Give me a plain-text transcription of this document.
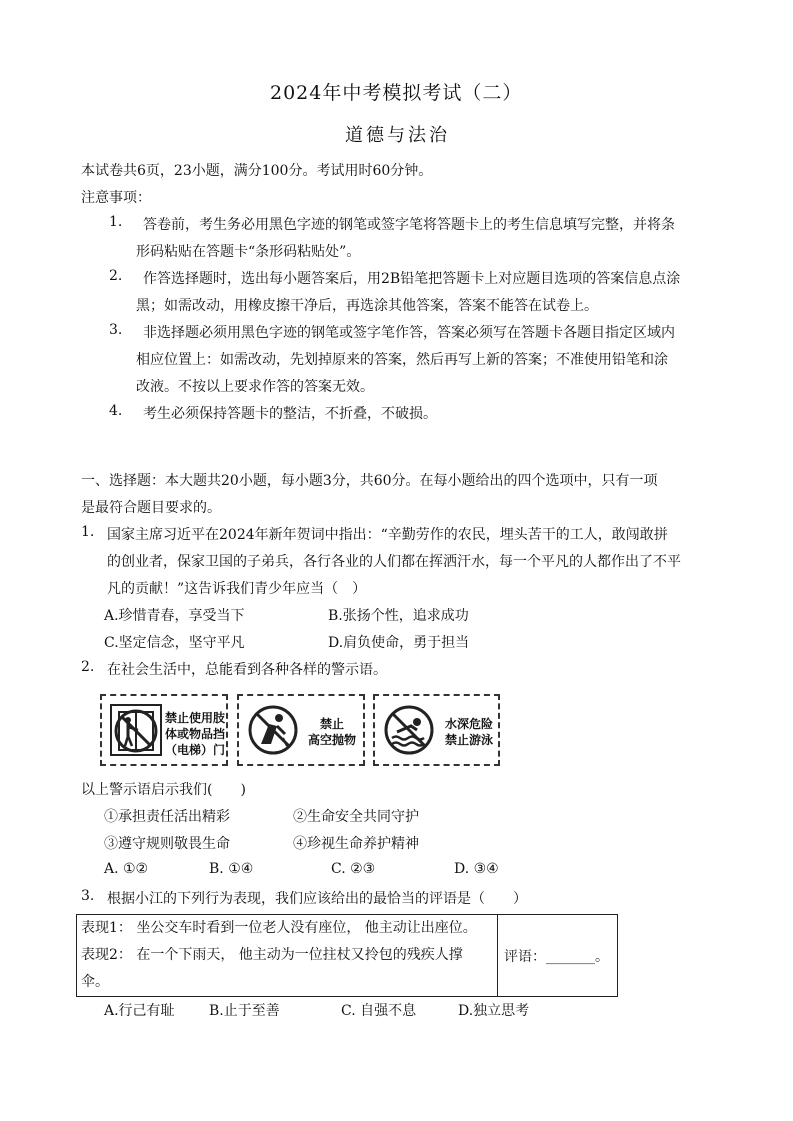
2024年中考模拟考试（二）
道德与法治
本试卷共6页，23小题，满分100分。考试用时60分钟。
注意事项：
1. 答卷前，考生务必用黑色字迹的钢笔或签字笔将答题卡上的考生信息填写完整，并将条
形码粘贴在答题卡“条形码粘贴处”。
2. 作答选择题时，选出每小题答案后，用2B铅笔把答题卡上对应题目选项的答案信息点涂
黑；如需改动，用橡皮擦干净后，再选涂其他答案，答案不能答在试卷上。
3. 非选择题必须用黑色字迹的钢笔或签字笔作答，答案必须写在答题卡各题目指定区域内
相应位置上：如需改动，先划掉原来的答案，然后再写上新的答案；不准使用铅笔和涂
改液。不按以上要求作答的答案无效。
4. 考生必须保持答题卡的整洁，不折叠，不破损。
一、选择题：本大题共20小题，每小题3分，共60分。在每小题给出的四个选项中，只有一项
是最符合题目要求的。
1. 国家主席习近平在2024年新年贺词中指出：“辛勤劳作的农民，埋头苦干的工人，敢闯敢拼
的创业者，保家卫国的子弟兵，各行各业的人们都在挥洒汗水，每一个平凡的人都作出了不平
凡的贡献！”这告诉我们青少年应当（　）
A.珍惜青春，享受当下	B.张扬个性，追求成功
C.坚定信念，坚守平凡	D.肩负使命，勇于担当
2. 在社会生活中，总能看到各种各样的警示语。
禁止使用肢
体或物品挡
（电梯）门
禁止
高空抛物
水深危险
禁止游泳
以上警示语启示我们(　　)
①承担责任活出精彩	②生命安全共同守护
③遵守规则敬畏生命	④珍视生命养护精神
A. ①②	B. ①④	C. ②③	D. ③④
3. 根据小江的下列行为表现，我们应该给出的最恰当的评语是（　　）
表现1： 坐公交车时看到一位老人没有座位， 他主动让出座位。
表现2： 在一个下雨天， 他主动为一位拄杖又拎包的残疾人撑
伞。
	评语：_______。
A.行己有耻 B.止于至善	C. 自强不息	D.独立思考
